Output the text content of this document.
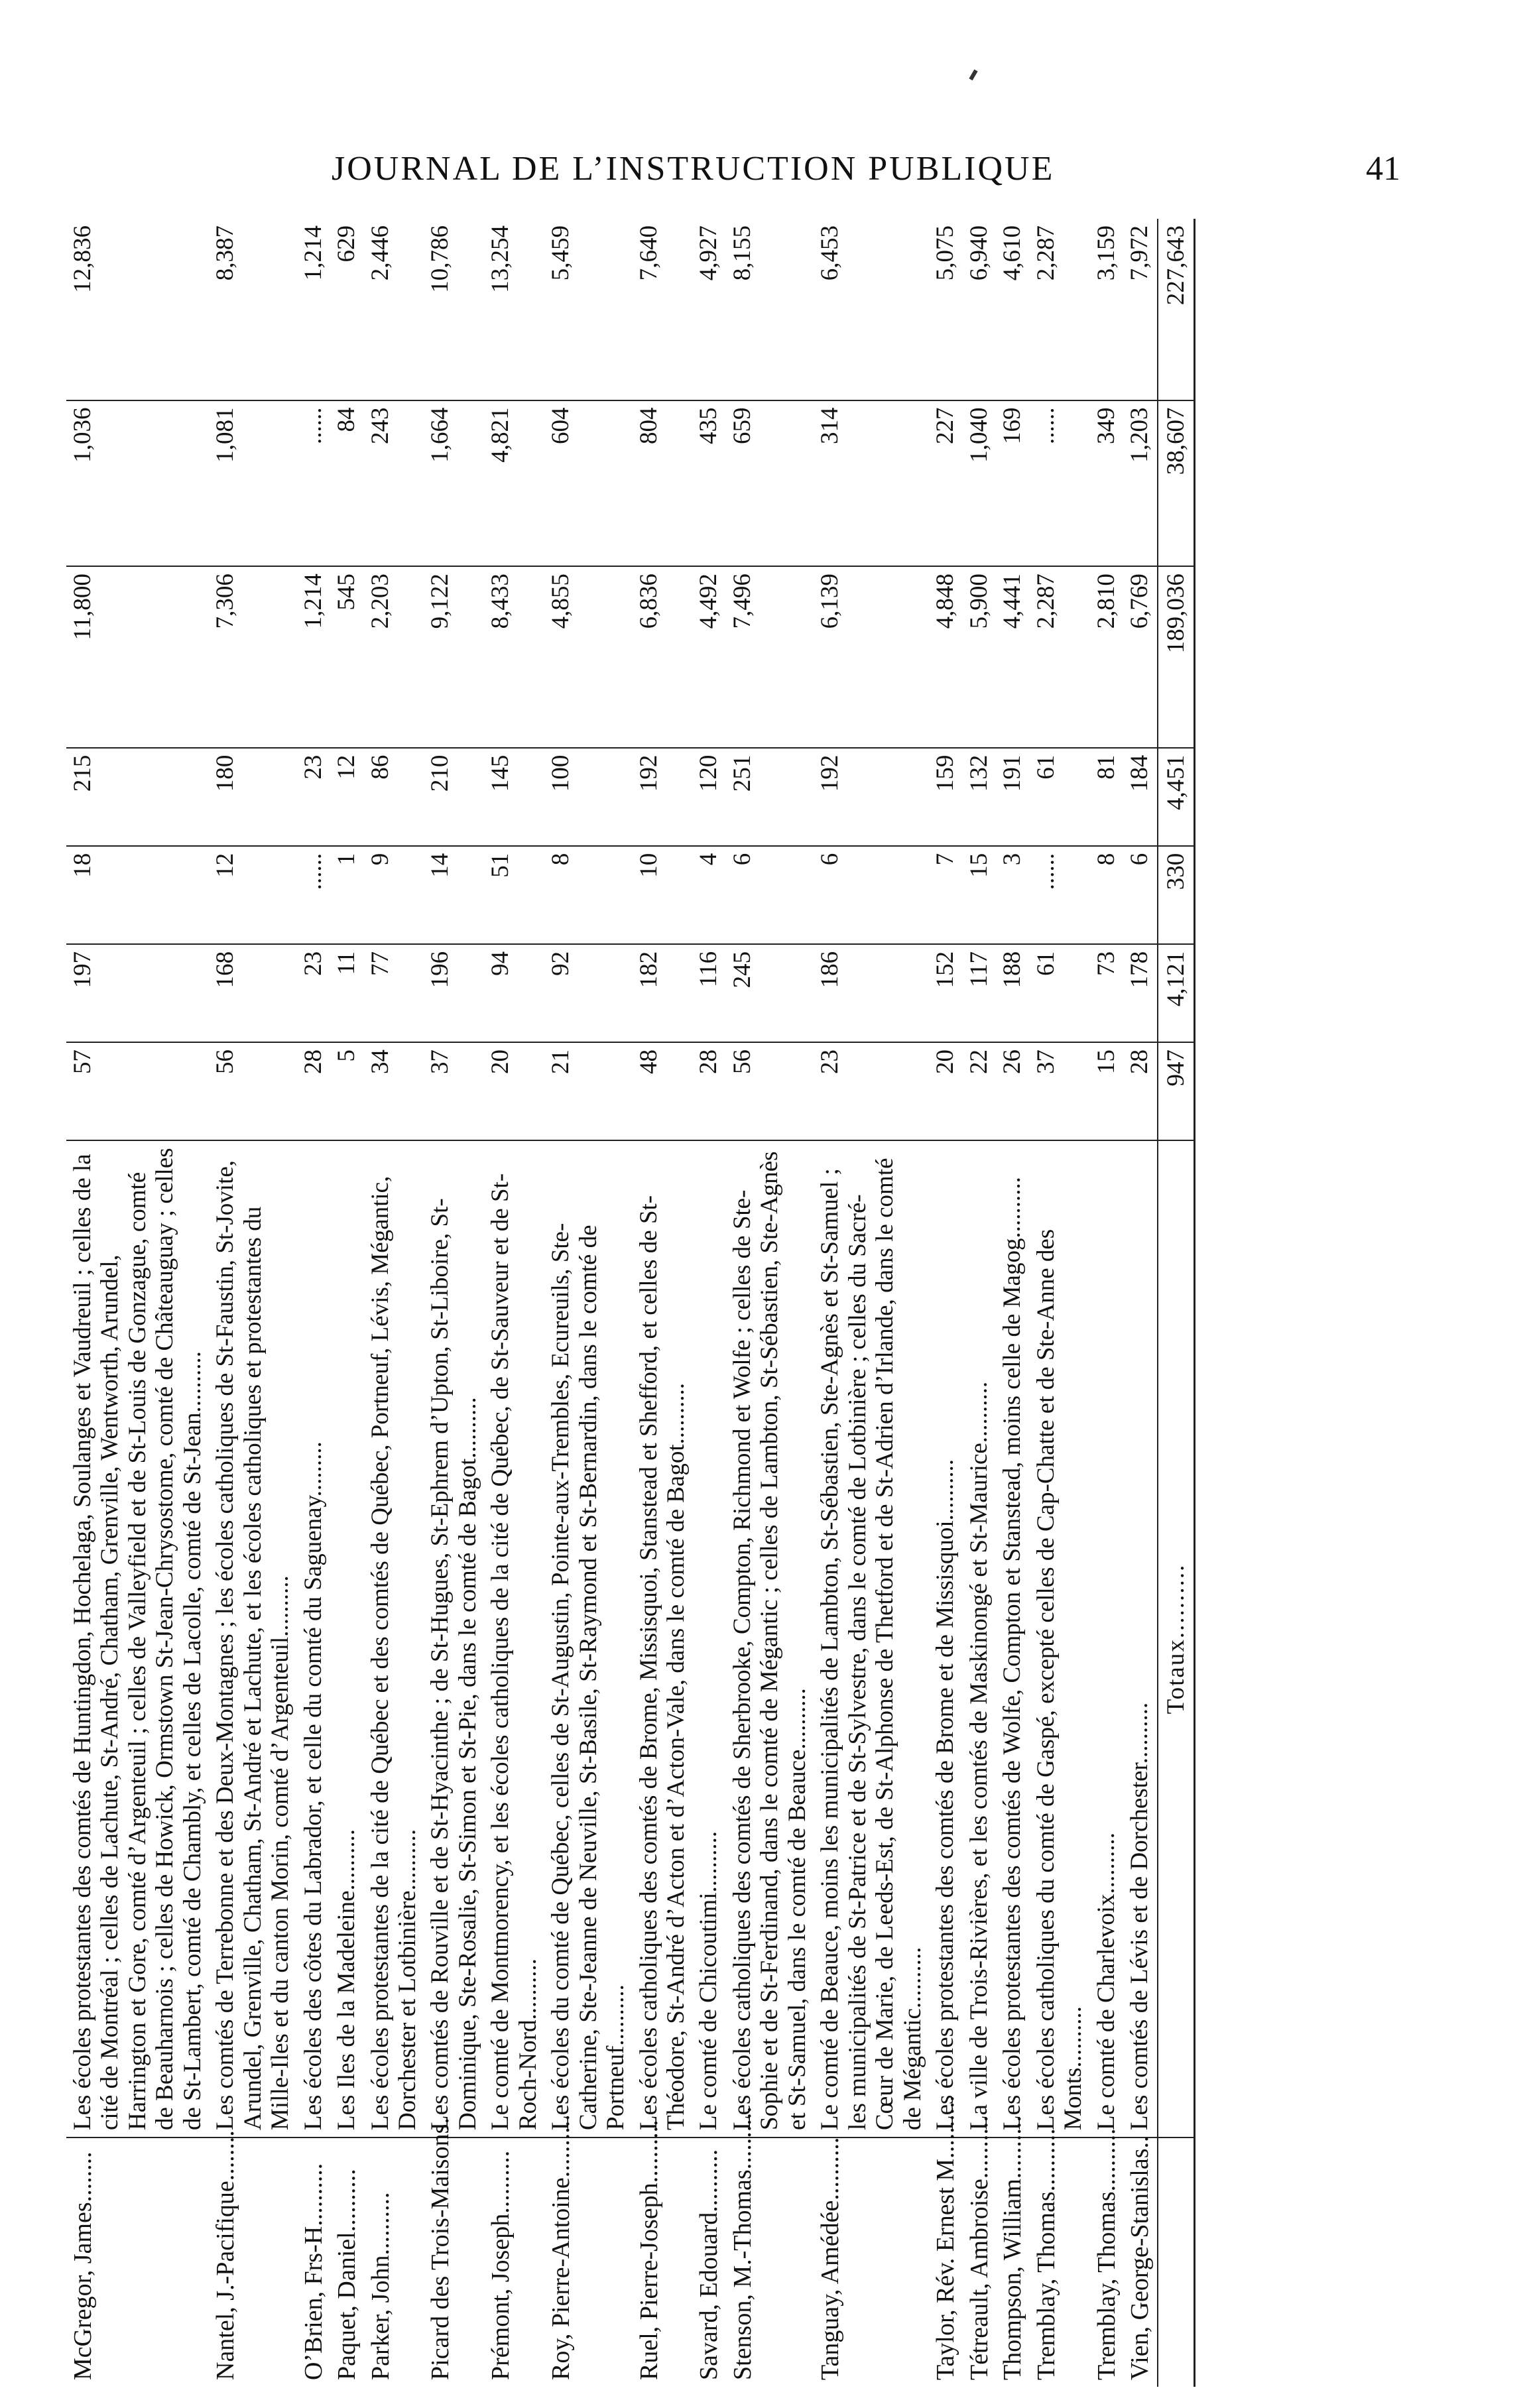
JOURNAL DE L’INSTRUCTION PUBLIQUE	41
McGregor, James........	Les écoles protestantes des comtés de Huntingdon, Hochelaga, Soulanges et Vaudreuil ; celles de la cité de Montréal ; celles de Lachute, St-André, Chatham, Grenville, Wentworth, Arundel, Harrington et Gore, comté d’Argenteuil ; celles de Valleyfield et de St-Louis de Gonzague, comté de Beauharnois ; celles de Howick, Ormstown St-Jean-Chrysostome, comté de Châteauguay ; celles de St-Lambert, comté de Chambly, et celles de Lacolle, comté de St-Jean..........	57	197	18	215	11,800	1,036	12,836
Nantel, J.-Pacifique........	Les comtés de Terrebonne et des Deux-Montagnes ; les écoles catholiques de St-Faustin, St-Jovite, Arundel, Grenville, Chatham, St-André et Lachute, et les écoles catholiques et protestantes du Mille-Iles et du canton Morin, comté d’Argenteuil..........	56	168	12	180	7,306	1,081	8,387
O’Brien, Frs-H..........	Les écoles des côtes du Labrador, et celle du comté du Saguenay.........	28	23	......	23	1,214	......	1,214
Paquet, Daniel..........	Les Iles de la Madeleine..........	5	11	1	12	545	84	629
Parker, John..........	Les écoles protestantes de la cité de Québec et des comtés de Québec, Portneuf, Lévis, Mégantic, Dorchester et Lotbinière..........	34	77	9	86	2,203	243	2,446
Picard des Trois-Maisons.	Les comtés de Rouville et de St-Hyacinthe ; de St-Hugues, St-Ephrem d’Upton, St-Liboire, St-Dominique, Ste-Rosalie, St-Simon et St-Pie, dans le comté de Bagot..........	37	196	14	210	9,122	1,664	10,786
Prémont, Joseph..........	Le comté de Montmorency, et les écoles catholiques de la cité de Québec, de St-Sauveur et de St-Roch-Nord..........	20	94	51	145	8,433	4,821	13,254
Roy, Pierre-Antoine..........	Les écoles du comté de Québec, celles de St-Augustin, Pointe-aux-Trembles, Ecureuils, Ste-Catherine, Ste-Jeanne de Neuville, St-Basile, St-Raymond et St-Bernardin, dans le comté de Portneuf..........	21	92	8	100	4,855	604	5,459
Ruel, Pierre-Joseph..........	Les écoles catholiques des comtés de Brome, Missisquoi, Stanstead et Shefford, et celles de St-Théodore, St-André d’Acton et d’Acton-Vale, dans le comté de Bagot..........	48	182	10	192	6,836	804	7,640
Savard, Edouard..........	Le comté de Chicoutimi..........	28	116	4	120	4,492	435	4,927
Stenson, M.-Thomas..........	Les écoles catholiques des comtés de Sherbrooke, Compton, Richmond et Wolfe ; celles de Ste-Sophie et de St-Ferdinand, dans le comté de Mégantic ; celles de Lambton, St-Sébastien, Ste-Agnès et St-Samuel, dans le comté de Beauce..........	56	245	6	251	7,496	659	8,155
Tanguay, Amédée..........	Le comté de Beauce, moins les municipalités de Lambton, St-Sébastien, Ste-Agnès et St-Samuel ; les municipalités de St-Patrice et de St-Sylvestre, dans le comté de Lotbinière ; celles du Sacré-Cœur de Marie, de Leeds-Est, de St-Alphonse de Thetford et de St-Adrien d’Irlande, dans le comté de Mégantic..........	23	186	6	192	6,139	314	6,453
Taylor, Rév. Ernest M..........	Les écoles protestantes des comtés de Brome et de Missisquoi..........	20	152	7	159	4,848	227	5,075
Tétreault, Ambroise..........	La ville de Trois-Rivières, et les comtés de Maskinongé et St-Maurice..........	22	117	15	132	5,900	1,040	6,940
Thompson, William..........	Les écoles protestantes des comtés de Wolfe, Compton et Stanstead, moins celle de Magog..........	26	188	3	191	4,441	169	4,610
Tremblay, Thomas..........	Les écoles catholiques du comté de Gaspé, excepté celles de Cap-Chatte et de Ste-Anne des Monts..........	37	61	......	61	2,287	......	2,287
Tremblay, Thomas..........	Le comté de Charlevoix..........	15	73	8	81	2,810	349	3,159
Vien, George-Stanislas..	Les comtés de Lévis et de Dorchester..........	28	178	6	184	6,769	1,203	7,972
	Totaux..........	947	4,121	330	4,451	189,036	38,607	227,643
